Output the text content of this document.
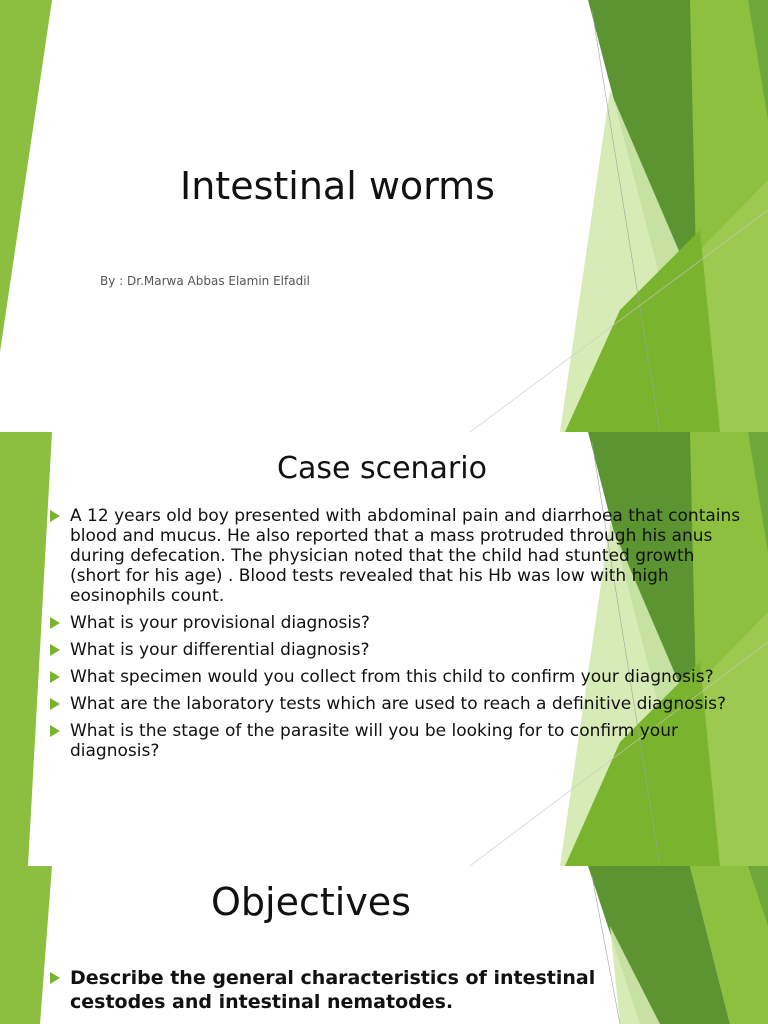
Intestinal worms
By : Dr.Marwa Abbas Elamin Elfadil
Case scenario
A 12 years old boy presented with abdominal pain and diarrhoea that contains blood and mucus. He also reported that a mass protruded through his anus during defecation. The physician noted that the child had stunted growth (short for his age) . Blood tests revealed that his Hb was low with high eosinophils count.
What is your provisional diagnosis?
What is your differential diagnosis?
What specimen would you collect from this child to confirm your diagnosis?
What are the laboratory tests which are used to reach a definitive diagnosis?
What is the stage of the parasite will you be looking for to confirm your diagnosis?
Objectives
Describe the general characteristics of intestinal cestodes and intestinal nematodes.
